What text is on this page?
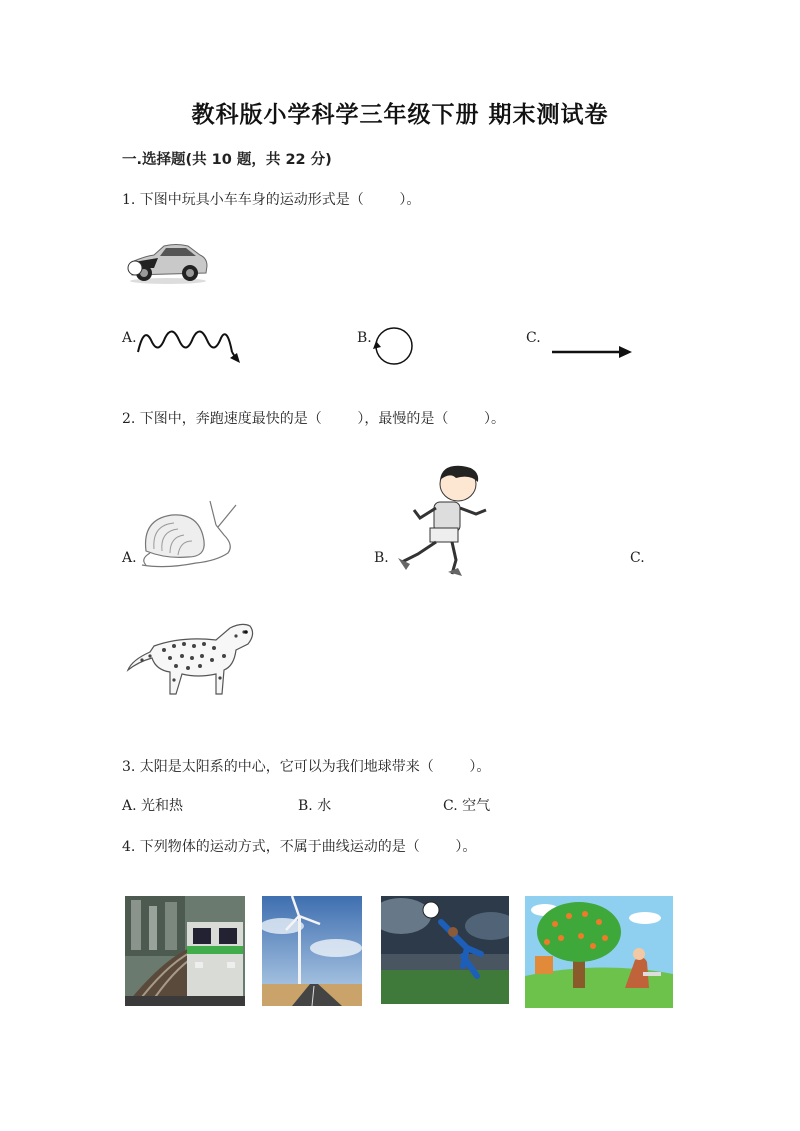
教科版小学科学三年级下册 期末测试卷
一.选择题(共 10 题，共 22 分)
1. 下图中玩具小车车身的运动形式是（        ）。
A.	B.	C.
2. 下图中，奔跑速度最快的是（        ），最慢的是（        ）。
A.	B.	C.
3. 太阳是太阳系的中心，它可以为我们地球带来（        ）。
A. 光和热	B. 水	C. 空气
4. 下列物体的运动方式，不属于曲线运动的是（        ）。
